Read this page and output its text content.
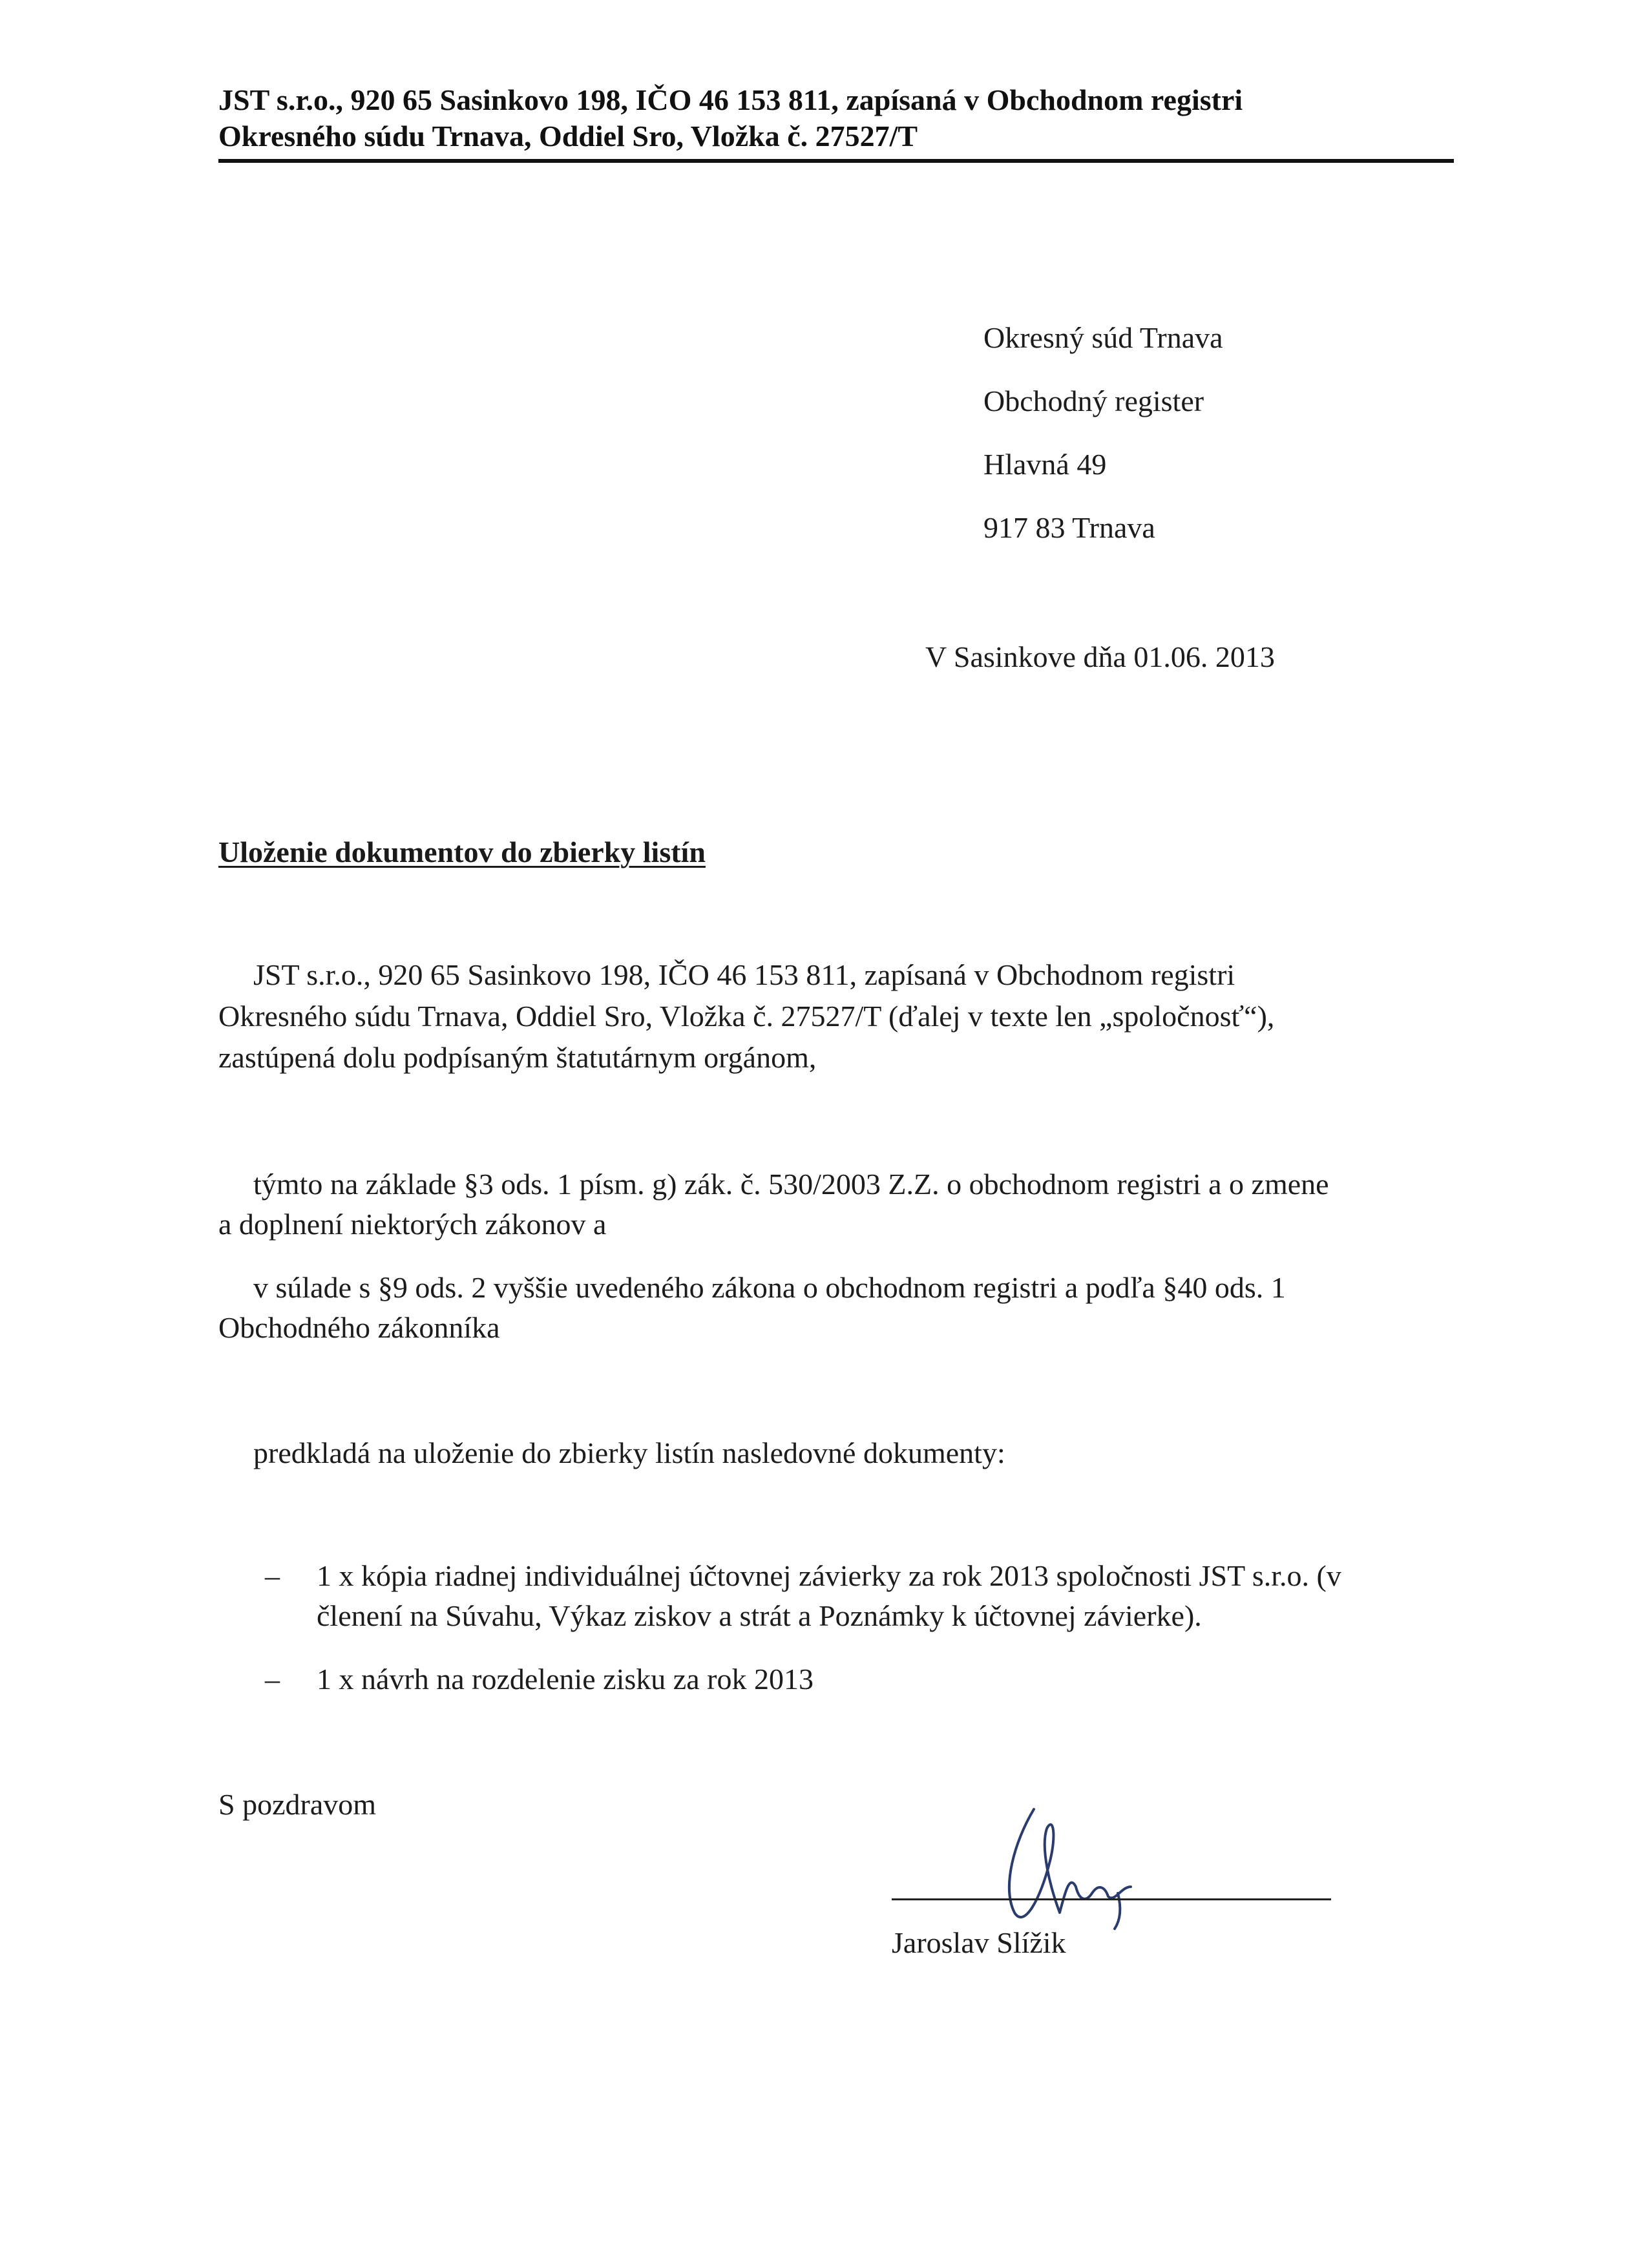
JST s.r.o., 920 65 Sasinkovo 198, IČO 46 153 811, zapísaná v Obchodnom registri
Okresného súdu Trnava, Oddiel Sro, Vložka č. 27527/T
Okresný súd Trnava
Obchodný register
Hlavná 49
917 83 Trnava
V Sasinkove dňa 01.06. 2013
Uloženie dokumentov do zbierky listín
JST s.r.o., 920 65 Sasinkovo 198, IČO 46 153 811, zapísaná v Obchodnom registri
Okresného súdu Trnava, Oddiel Sro, Vložka č. 27527/T (ďalej v texte len „spoločnosť“),
zastúpená dolu podpísaným štatutárnym orgánom,
týmto na základe §3 ods. 1 písm. g) zák. č. 530/2003 Z.Z. o obchodnom registri a o zmene
a doplnení niektorých zákonov a
v súlade s §9 ods. 2 vyššie uvedeného zákona o obchodnom registri a podľa §40 ods. 1
Obchodného zákonníka
predkladá na uloženie do zbierky listín nasledovné dokumenty:
– 1 x kópia riadnej individuálnej účtovnej závierky za rok 2013 spoločnosti JST s.r.o. (v
členení na Súvahu, Výkaz ziskov a strát a Poznámky k účtovnej závierke).
– 1 x návrh na rozdelenie zisku za rok 2013
S pozdravom
Jaroslav Slížik
